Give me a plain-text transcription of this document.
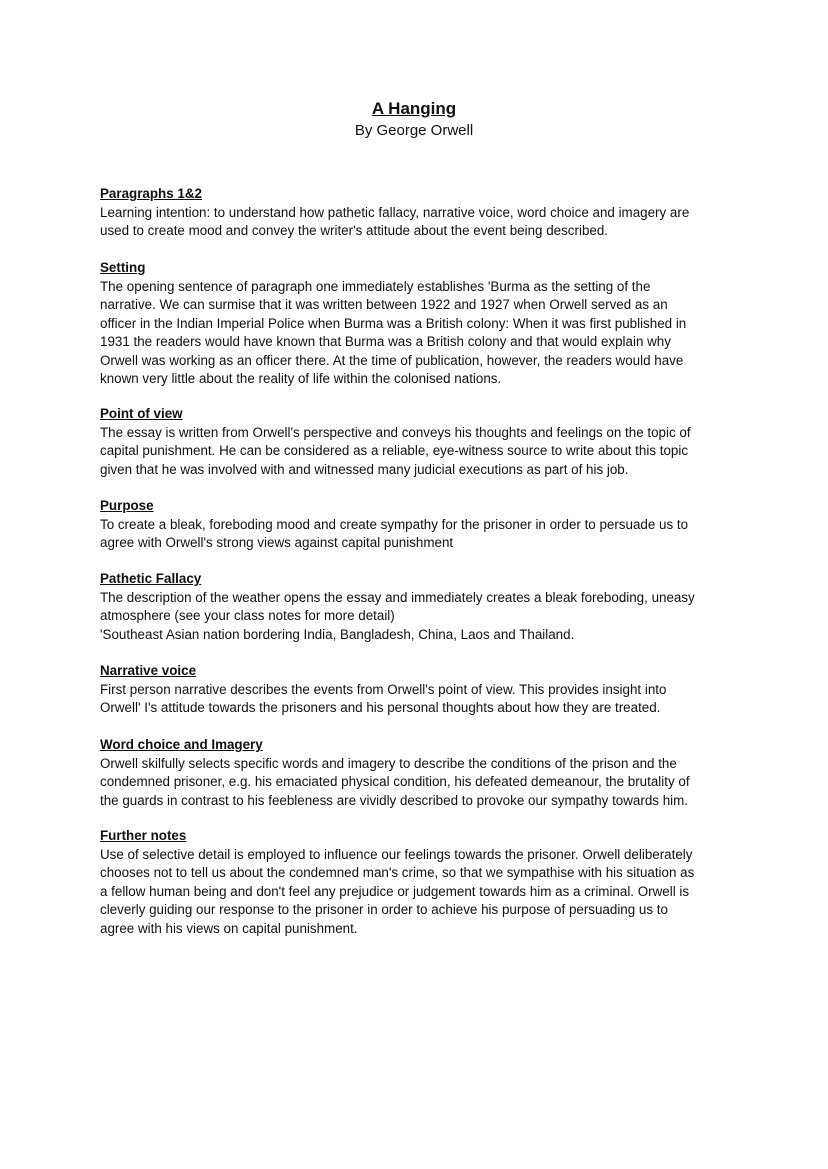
A Hanging
By George Orwell
Paragraphs 1&2
Learning intention: to understand how pathetic fallacy, narrative voice, word choice and imagery are
used to create mood and convey the writer's attitude about the event being described.
Setting
The opening sentence of paragraph one immediately establishes 'Burma as the setting of the
narrative. We can surmise that it was written between 1922 and 1927 when Orwell served as an
officer in the Indian Imperial Police when Burma was a British colony: When it was first published in
1931 the readers would have known that Burma was a British colony and that would explain why
Orwell was working as an officer there. At the time of publication, however, the readers would have
known very little about the reality of life within the colonised nations.
Point of view
The essay is written from Orwell's perspective and conveys his thoughts and feelings on the topic of
capital punishment. He can be considered as a reliable, eye-witness source to write about this topic
given that he was involved with and witnessed many judicial executions as part of his job.
Purpose
To create a bleak, foreboding mood and create sympathy for the prisoner in order to persuade us to
agree with Orwell's strong views against capital punishment
Pathetic Fallacy
The description of the weather opens the essay and immediately creates a bleak foreboding, uneasy
atmosphere (see your class notes for more detail)
'Southeast Asian nation bordering India, Bangladesh, China, Laos and Thailand.
Narrative voice
First person narrative describes the events from Orwell's point of view. This provides insight into
Orwell' I's attitude towards the prisoners and his personal thoughts about how they are treated.
Word choice and Imagery
Orwell skilfully selects specific words and imagery to describe the conditions of the prison and the
condemned prisoner, e.g. his emaciated physical condition, his defeated demeanour, the brutality of
the guards in contrast to his feebleness are vividly described to provoke our sympathy towards him.
Further notes
Use of selective detail is employed to influence our feelings towards the prisoner. Orwell deliberately
chooses not to tell us about the condemned man's crime, so that we sympathise with his situation as
a fellow human being and don't feel any prejudice or judgement towards him as a criminal. Orwell is
cleverly guiding our response to the prisoner in order to achieve his purpose of persuading us to
agree with his views on capital punishment.
